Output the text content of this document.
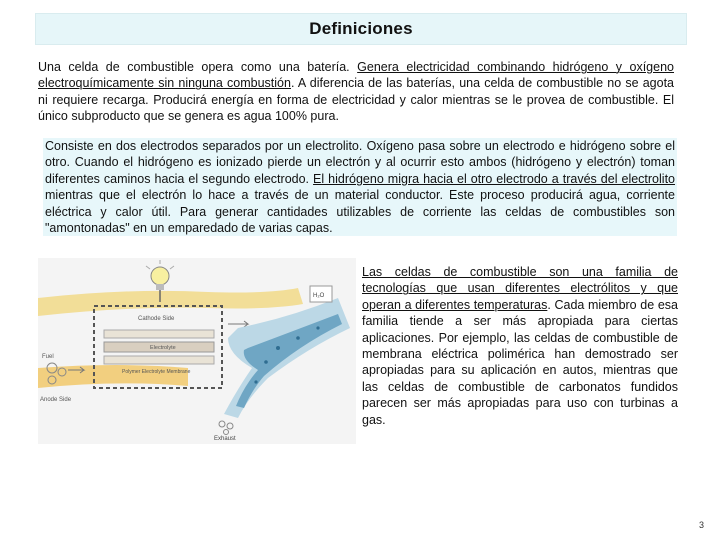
Definiciones

Una celda de combustible opera como una batería. Genera electricidad combinando hidrógeno y oxígeno electroquímicamente sin ninguna combustión. A diferencia de las baterías, una celda de combustible no se agota ni requiere recarga. Producirá energía en forma de electricidad y calor mientras se le provea de combustible. El único subproducto que se genera es agua 100% pura.

Consiste en dos electrodos separados por un electrolito. Oxígeno pasa sobre un electrodo e hidrógeno sobre el otro. Cuando el hidrógeno es ionizado pierde un electrón y al ocurrir esto ambos (hidrógeno y electrón) toman diferentes caminos hacia el segundo electrodo. El hidrógeno migra hacia el otro electrodo a través del electrolito mientras que el electrón lo hace a través de un material conductor. Este proceso producirá agua, corriente eléctrica y calor útil. Para generar cantidades utilizables de corriente las celdas de combustibles son "amontonadas" en un emparedado de varias capas.

Cathode Side
Electrolyte
Polymer Electrolyte Membrane
Anode Side
Fuel
H₂O
Exhaust

Las celdas de combustible son una familia de tecnologías que usan diferentes electrólitos y que operan a diferentes temperaturas. Cada miembro de esa familia tiende a ser más apropiada para ciertas aplicaciones. Por ejemplo, las celdas de combustible de membrana eléctrica polimérica han demostrado ser apropiadas para su aplicación en autos, mientras que las celdas de combustible de carbonatos fundidos parecen ser más apropiadas para uso con turbinas a gas.

3
